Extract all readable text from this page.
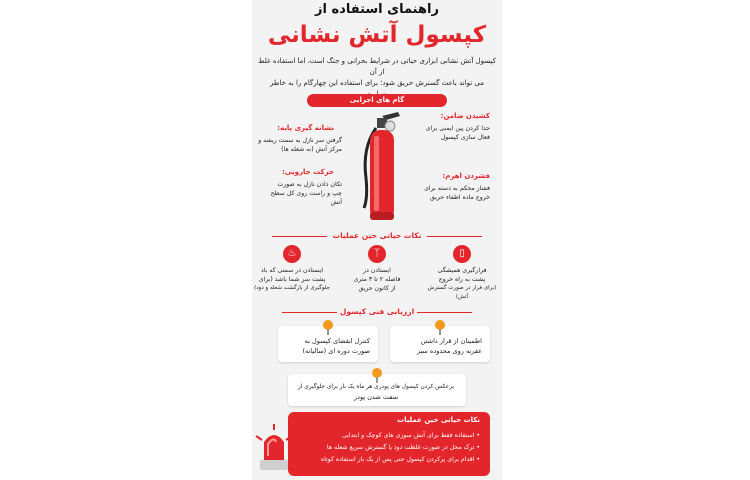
راهنمای استفاده از
کپسول آتش نشانی
کپسول آتش نشانی ابزاری حیاتی در شرایط بحرانی و جنگ است، اما استفاده غلط از آن
می تواند باعث گسترش حریق شود؛ برای استفاده این چهارگام را به خاطر
گام های اجرایی
کشیدن ضامن:
جدا کردن پین ایمنی برای
فعال سازی کپسول
نشانه گیری پایه:
گرفتن سر نازل به سمت ریشه و
مرکز آتش (نه شعله ها)
فشردن اهرم:
فشار محکم به دسته برای
خروج ماده اطفاء حریق
حرکت جارویی:
تکان دادن نازل به صورت
چپ و راست روی کل سطح
آتش
نکات حیاتی حین عملیات
▯
فرارگیری همیشگی
پشت به راه خروج
(برای فرار در صورت گسترش آتش)
ᛉ
ایستادن در
فاصله ۲ تا ۳ متری
از کانون حریق
♨
ایستادن در سمتی که باد
پشت سر شما باشد (برای
جلوگیری از بازگشت شعله و دود)
ارزیابی فنی کپسول
اطمینان از قرار داشتن
عقربه روی محدوده سبز
کنترل انقضای کپسول به
صورت دوره ای (سالیانه)
برعکس کردن کپسول های پودری هر ماه یک بار برای جلوگیری از
سفت شدن پودر
نکات حیاتی حین عملیات
• استفاده فقط برای آتش سوزی های کوچک و ابتدایی
• ترک محل در صورت غلظت دود یا گسترش سریع شعله ها
• اقدام برای پرکردن کپسول حتی پس از یک بار استفاده کوتاه
